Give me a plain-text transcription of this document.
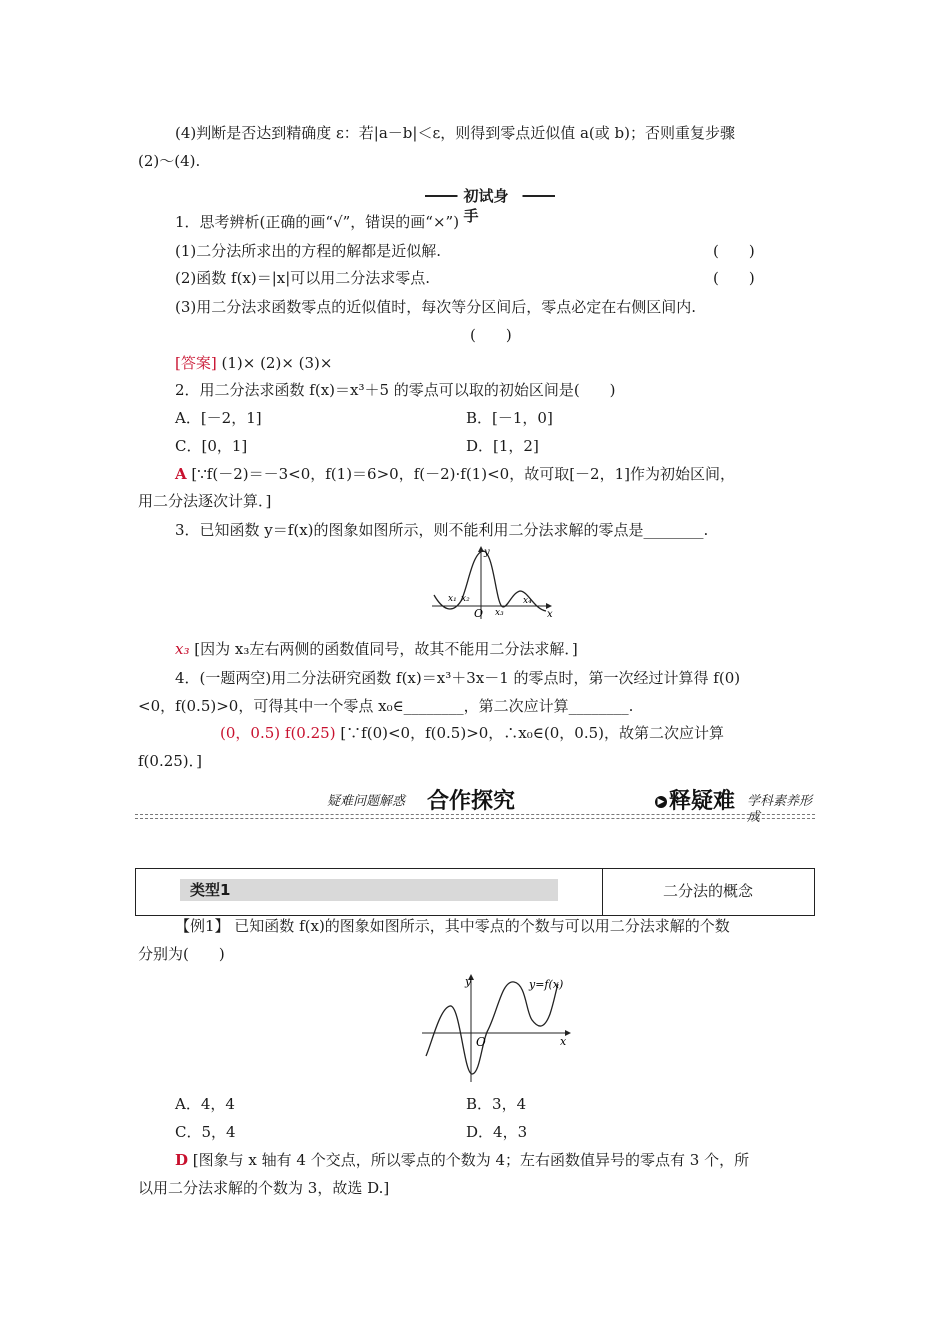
(4)判断是否达到精确度 ε：若|a－b|＜ε，则得到零点近似值 a(或 b)；否则重复步骤
(2)～(4).
初试身手
1．思考辨析(正确的画“√”，错误的画“×”)
(1)二分法所求出的方程的解都是近似解.	(　　)
(2)函数 f(x)＝|x|可以用二分法求零点.	(　　)
(3)用二分法求函数零点的近似值时，每次等分区间后，零点必定在右侧区间内.
(　　)
[答案] (1)× (2)× (3)×
2．用二分法求函数 f(x)＝x³＋5 的零点可以取的初始区间是(　　)
A．[－2，1]	B．[－1，0]
C．[0，1]	D．[1，2]
A [∵f(－2)＝－3<0，f(1)＝6>0，f(－2)·f(1)<0，故可取[－2，1]作为初始区间，
用二分法逐次计算．]
3．已知函数 y＝f(x)的图象如图所示，则不能利用二分法求解的零点是________.
y
x
O
x₁ x₂
x₃
x₄
x₃ [因为 x₃左右两侧的函数值同号，故其不能用二分法求解．]
4．(一题两空)用二分法研究函数 f(x)＝x³＋3x－1 的零点时，第一次经过计算得 f(0)
<0，f(0.5)>0，可得其中一个零点 x₀∈________，第二次应计算________.
(0，0.5) f(0.25) [∵f(0)<0，f(0.5)>0，∴x₀∈(0，0.5)，故第二次应计算
f(0.25)．]
疑难问题解惑 合作探究	▶ 释疑难 学科素养形成
类型1	二分法的概念
【例1】 已知函数 f(x)的图象如图所示，其中零点的个数与可以用二分法求解的个数
分别为(　　)
y
x
O
y=f(x)
A．4，4	B．3，4
C．5，4	D．4，3
D [图象与 x 轴有 4 个交点，所以零点的个数为 4；左右函数值异号的零点有 3 个，所
以用二分法求解的个数为 3，故选 D.]
